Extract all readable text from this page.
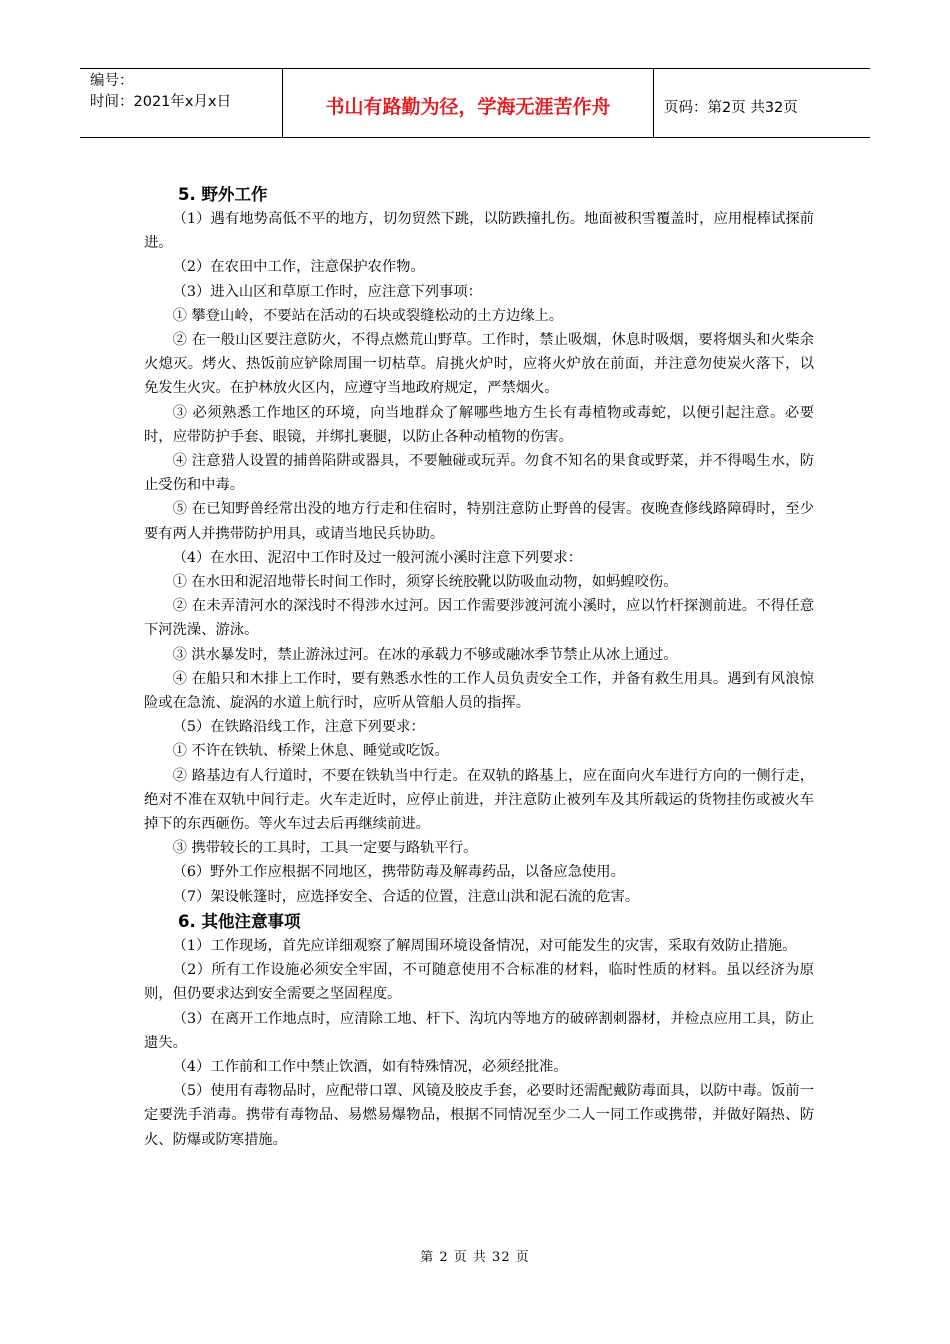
编号：
时间：2021年x月x日	书山有路勤为径，学海无涯苦作舟	页码：第2页 共32页
5. 野外工作

（1）遇有地势高低不平的地方，切勿贸然下跳，以防跌撞扎伤。地面被积雪覆盖时，应用棍棒试探前进。

（2）在农田中工作，注意保护农作物。

（3）进入山区和草原工作时，应注意下列事项：

① 攀登山岭，不要站在活动的石块或裂缝松动的土方边缘上。

② 在一般山区要注意防火，不得点燃荒山野草。工作时，禁止吸烟，休息时吸烟，要将烟头和火柴余火熄灭。烤火、热饭前应铲除周围一切枯草。肩挑火炉时，应将火炉放在前面，并注意勿使炭火落下，以免发生火灾。在护林放火区内，应遵守当地政府规定，严禁烟火。

③ 必须熟悉工作地区的环境，向当地群众了解哪些地方生长有毒植物或毒蛇，以便引起注意。必要时，应带防护手套、眼镜，并绑扎裹腿，以防止各种动植物的伤害。

④ 注意猎人设置的捕兽陷阱或器具，不要触碰或玩弄。勿食不知名的果食或野菜，并不得喝生水，防止受伤和中毒。

⑤ 在已知野兽经常出没的地方行走和住宿时，特别注意防止野兽的侵害。夜晚查修线路障碍时，至少要有两人并携带防护用具，或请当地民兵协助。

（4）在水田、泥沼中工作时及过一般河流小溪时注意下列要求：

① 在水田和泥沼地带长时间工作时，须穿长统胶靴以防吸血动物，如蚂蝗咬伤。

② 在未弄清河水的深浅时不得涉水过河。因工作需要涉渡河流小溪时，应以竹杆探测前进。不得任意下河洗澡、游泳。

③ 洪水暴发时，禁止游泳过河。在冰的承载力不够或融冰季节禁止从冰上通过。

④ 在船只和木排上工作时，要有熟悉水性的工作人员负责安全工作，并备有救生用具。遇到有风浪惊险或在急流、旋涡的水道上航行时，应听从管船人员的指挥。

（5）在铁路沿线工作，注意下列要求：

① 不许在铁轨、桥梁上休息、睡觉或吃饭。

② 路基边有人行道时，不要在铁轨当中行走。在双轨的路基上，应在面向火车进行方向的一侧行走，绝对不准在双轨中间行走。火车走近时，应停止前进，并注意防止被列车及其所载运的货物挂伤或被火车掉下的东西砸伤。等火车过去后再继续前进。

③ 携带较长的工具时，工具一定要与路轨平行。

（6）野外工作应根据不同地区，携带防毒及解毒药品，以备应急使用。

（7）架设帐篷时，应选择安全、合适的位置，注意山洪和泥石流的危害。

6. 其他注意事项

（1）工作现场，首先应详细观察了解周围环境设备情况，对可能发生的灾害，采取有效防止措施。

（2）所有工作设施必须安全牢固，不可随意使用不合标准的材料，临时性质的材料。虽以经济为原则，但仍要求达到安全需要之坚固程度。

（3）在离开工作地点时，应清除工地、杆下、沟坑内等地方的破碎割刺器材，并检点应用工具，防止遗失。

（4）工作前和工作中禁止饮酒，如有特殊情况，必须经批准。

（5）使用有毒物品时，应配带口罩、风镜及胶皮手套，必要时还需配戴防毒面具，以防中毒。饭前一定要洗手消毒。携带有毒物品、易燃易爆物品，根据不同情况至少二人一同工作或携带，并做好隔热、防火、防爆或防寒措施。

第 2 页 共 32 页
